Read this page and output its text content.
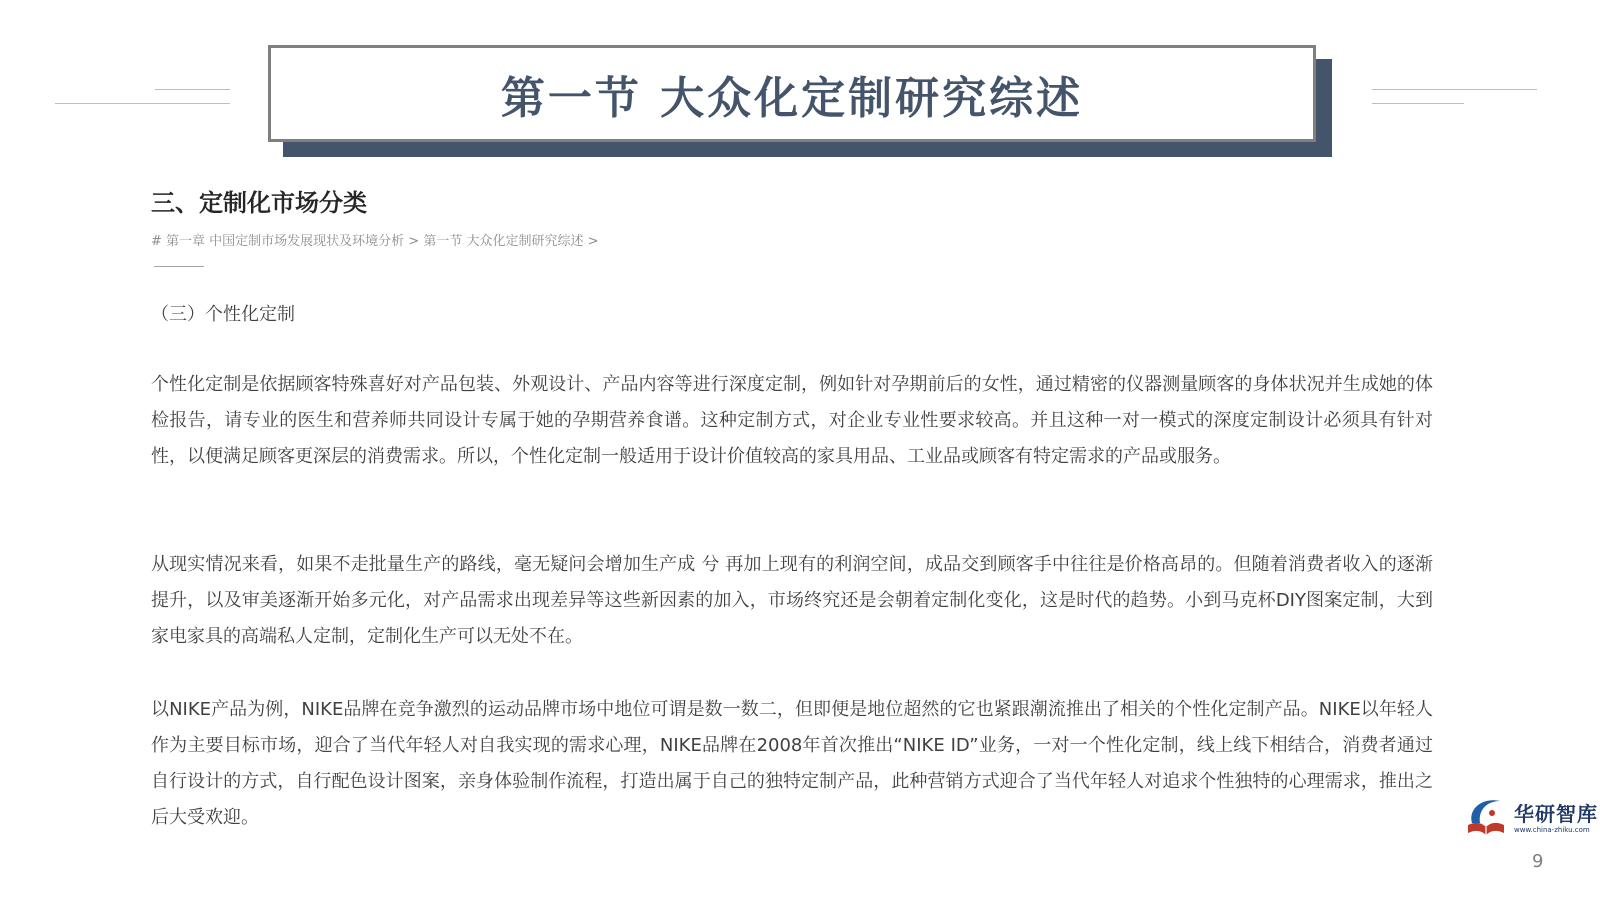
第一节 大众化定制研究综述
三、定制化市场分类
# 第一章 中国定制市场发展现状及环境分析 > 第一节 大众化定制研究综述 >
（三）个性化定制

个性化定制是依据顾客特殊喜好对产品包装、外观设计、产品内容等进行深度定制，例如针对孕期前后的女性，通过精密的仪器测量顾客的身体状况并生成她的体检报告，请专业的医生和营养师共同设计专属于她的孕期营养食谱。这种定制方式，对企业专业性要求较高。并且这种一对一模式的深度定制设计必须具有针对性，以便满足顾客更深层的消费需求。所以，个性化定制一般适用于设计价值较高的家具用品、工业品或顾客有特定需求的产品或服务。

从现实情况来看，如果不走批量生产的路线，毫无疑问会增加生产成 兮 再加上现有的利润空间，成品交到顾客手中往往是价格高昂的。但随着消费者收入的逐渐提升，以及审美逐渐开始多元化，对产品需求出现差异等这些新因素的加入，市场终究还是会朝着定制化变化，这是时代的趋势。小到马克杯DIY图案定制，大到家电家具的高端私人定制，定制化生产可以无处不在。

以NIKE产品为例，NIKE品牌在竞争激烈的运动品牌市场中地位可谓是数一数二，但即便是地位超然的它也紧跟潮流推出了相关的个性化定制产品。NIKE以年轻人作为主要目标市场，迎合了当代年轻人对自我实现的需求心理，NIKE品牌在2008年首次推出“NIKE ID”业务，一对一个性化定制，线上线下相结合，消费者通过自行设计的方式，自行配色设计图案，亲身体验制作流程，打造出属于自己的独特定制产品，此种营销方式迎合了当代年轻人对追求个性独特的心理需求，推出之后大受欢迎。	华研智库
www.china-zhiku.com
9
